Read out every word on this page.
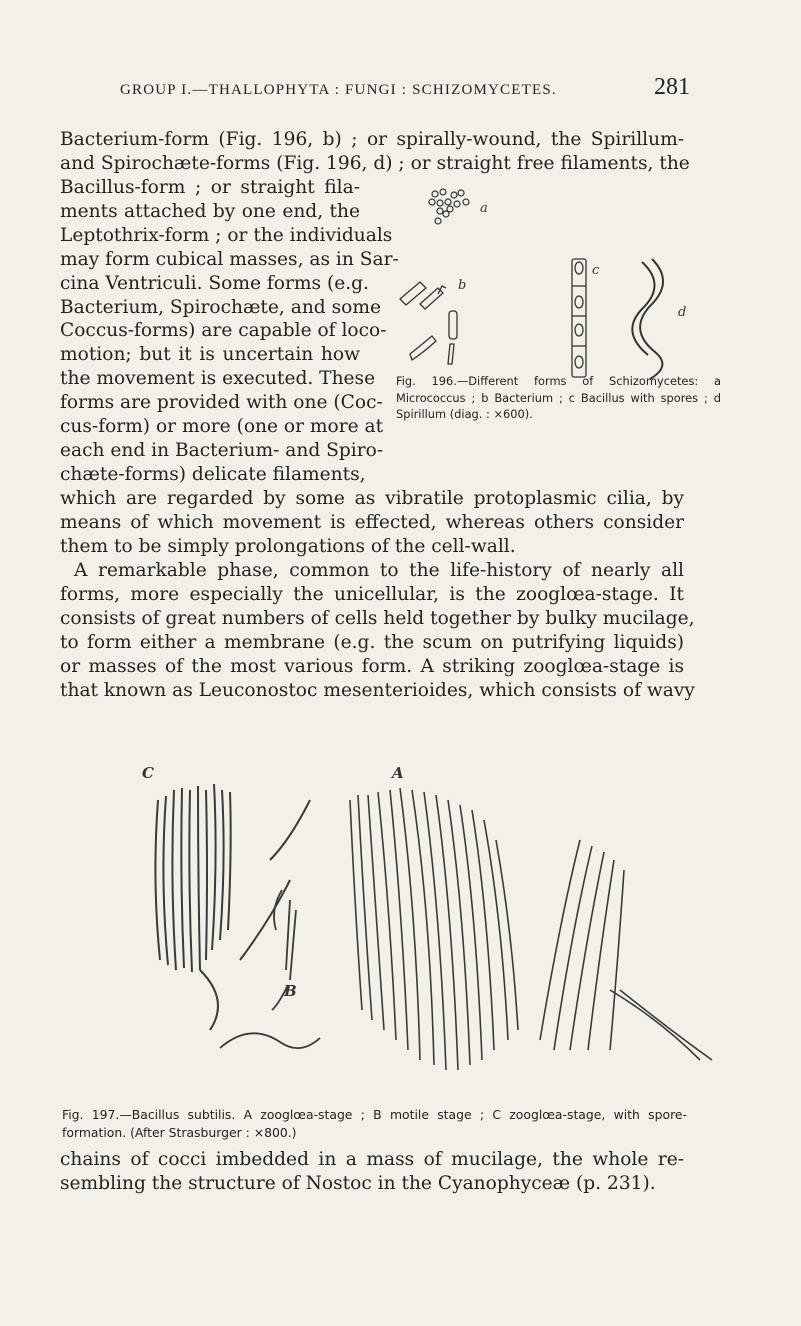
GROUP I.—THALLOPHYTA : FUNGI : SCHIZOMYCETES.	281
Bacterium-form (Fig. 196, b) ; or spirally-wound, the Spirillum-
and Spirochæte-forms (Fig. 196, d) ; or straight free filaments, the
Bacillus-form ; or straight fila-
ments attached by one end, the
Leptothrix-form ; or the individuals
may form cubical masses, as in Sar-
cina Ventriculi. Some forms (e.g.
Bacterium, Spirochæte, and some
Coccus-forms) are capable of loco-
motion; but it is uncertain how
the movement is executed. These
forms are provided with one (Coc-
cus-form) or more (one or more at
each end in Bacterium- and Spiro-
chæte-forms) delicate filaments,
a
b
c
d
Fig. 196.—Different forms of Schizomycetes: a Micrococcus ; b Bacterium ; c Bacillus with spores ; d Spirillum (diag. : ×600).
which are regarded by some as vibratile protoplasmic cilia, by
means of which movement is effected, whereas others consider
them to be simply prolongations of the cell-wall.
A remarkable phase, common to the life-history of nearly all
forms, more especially the unicellular, is the zooglœa-stage. It
consists of great numbers of cells held together by bulky mucilage,
to form either a membrane (e.g. the scum on putrifying liquids)
or masses of the most various form. A striking zooglœa-stage is
that known as Leuconostoc mesenterioides, which consists of wavy
C	A
B
Fig. 197.—Bacillus subtilis. A zooglœa-stage ; B motile stage ; C zooglœa-stage, with spore-formation. (After Strasburger : ×800.)
chains of cocci imbedded in a mass of mucilage, the whole re-
sembling the structure of Nostoc in the Cyanophyceæ (p. 231).
